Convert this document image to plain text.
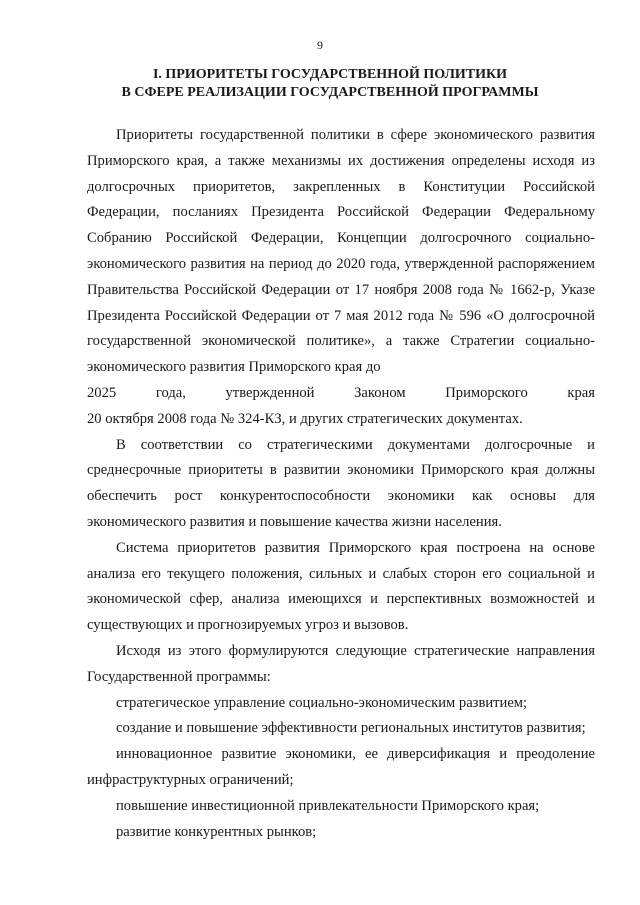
9
I. ПРИОРИТЕТЫ ГОСУДАРСТВЕННОЙ ПОЛИТИКИ
В СФЕРЕ РЕАЛИЗАЦИИ ГОСУДАРСТВЕННОЙ ПРОГРАММЫ

Приоритеты государственной политики в сфере экономического развития Приморского края, а также механизмы их достижения определены исходя из долгосрочных приоритетов, закрепленных в Конституции Российской Федерации, посланиях Президента Российской Федерации Федеральному Собранию Российской Федерации, Концепции долгосрочного социально-экономического развития на период до 2020 года, утвержденной распоряжением Правительства Российской Федерации от 17 ноября 2008 года № 1662-р, Указе Президента Российской Федерации от 7 мая 2012 года № 596 «О долгосрочной государственной экономической политике», а также Стратегии социально-экономического развития Приморского края до
2025 года, утвержденной Законом Приморского края
20 октября 2008 года № 324-КЗ, и других стратегических документах.

В соответствии со стратегическими документами долгосрочные и среднесрочные приоритеты в развитии экономики Приморского края должны обеспечить рост конкурентоспособности экономики как основы для экономического развития и повышение качества жизни населения.

Система приоритетов развития Приморского края построена на основе анализа его текущего положения, сильных и слабых сторон его социальной и экономической сфер, анализа имеющихся и перспективных возможностей и существующих и прогнозируемых угроз и вызовов.

Исходя из этого формулируются следующие стратегические направления Государственной программы:

стратегическое управление социально-экономическим развитием;

создание и повышение эффективности региональных институтов развития;

инновационное развитие экономики, ее диверсификация и преодоление инфраструктурных ограничений;

повышение инвестиционной привлекательности Приморского края;

развитие конкурентных рынков;
